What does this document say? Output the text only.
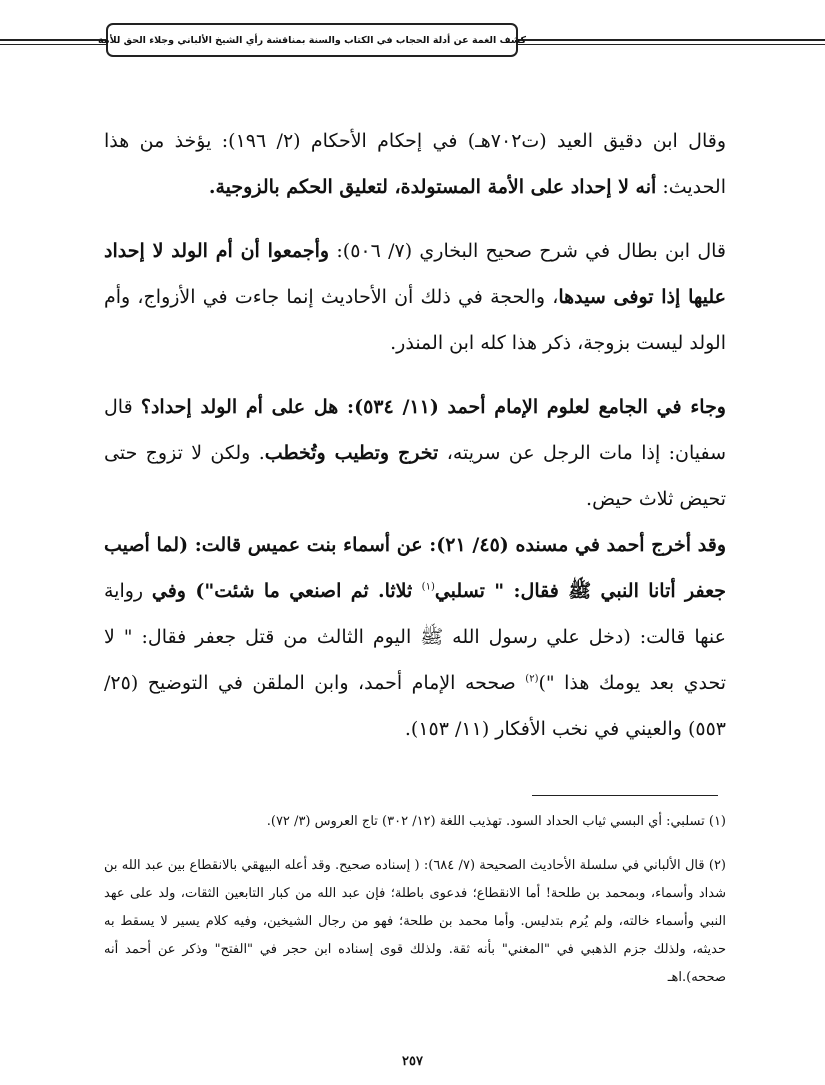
كشف الغمة عن أدلة الحجاب في الكتاب والسنة بمناقشة رأي الشيخ الألباني وجلاء الحق للأمة

وقال ابن دقيق العيد (ت٧٠٢هـ) في إحكام الأحكام (٢/ ١٩٦): يؤخذ من هذا الحديث: أنه لا إحداد على الأمة المستولدة، لتعليق الحكم بالزوجية.

قال ابن بطال في شرح صحيح البخاري (٧/ ٥٠٦): وأجمعوا أن أم الولد لا إحداد عليها إذا توفى سيدها، والحجة في ذلك أن الأحاديث إنما جاءت في الأزواج، وأم الولد ليست بزوجة، ذكر هذا كله ابن المنذر.

وجاء في الجامع لعلوم الإمام أحمد (١١/ ٥٣٤): هل على أم الولد إحداد؟ قال سفيان: إذا مات الرجل عن سريته، تخرج وتطيب وتُخطب. ولكن لا تزوج حتى تحيض ثلاث حيض.

وقد أخرج أحمد في مسنده (٤٥/ ٢١): عن أسماء بنت عميس قالت: (لما أصيب جعفر أتانا النبي ﷺ فقال: " تسلبي$^{(١)}$ ثلاثا. ثم اصنعي ما شئت") وفي رواية عنها قالت: (دخل علي رسول الله ﷺ اليوم الثالث من قتل جعفر فقال: " لا تحدي بعد يومك هذا ")$^{(٢)}$ صححه الإمام أحمد، وابن الملقن في التوضيح (٢٥/ ٥٥٣) والعيني في نخب الأفكار (١١/ ١٥٣).

(١) تسلبي: أي البسي ثياب الحداد السود. تهذيب اللغة (١٢/ ٣٠٢) تاج العروس (٣/ ٧٢).

(٢) قال الألباني في سلسلة الأحاديث الصحيحة (٧/ ٦٨٤): ( إسناده صحيح. وقد أعله البيهقي بالانقطاع بين عبد الله بن شداد وأسماء، وبمحمد بن طلحة! أما الانقطاع؛ فدعوى باطلة؛ فإن عبد الله من كبار التابعين الثقات، ولد على عهد النبي وأسماء خالته، ولم يُرم بتدليس. وأما محمد بن طلحة؛ فهو من رجال الشيخين، وفيه كلام يسير لا يسقط به حديثه، ولذلك جزم الذهبي في "المغني" بأنه ثقة. ولذلك قوى إسناده ابن حجر في "الفتح" وذكر عن أحمد أنه صححه).اهـ

٢٥٧
